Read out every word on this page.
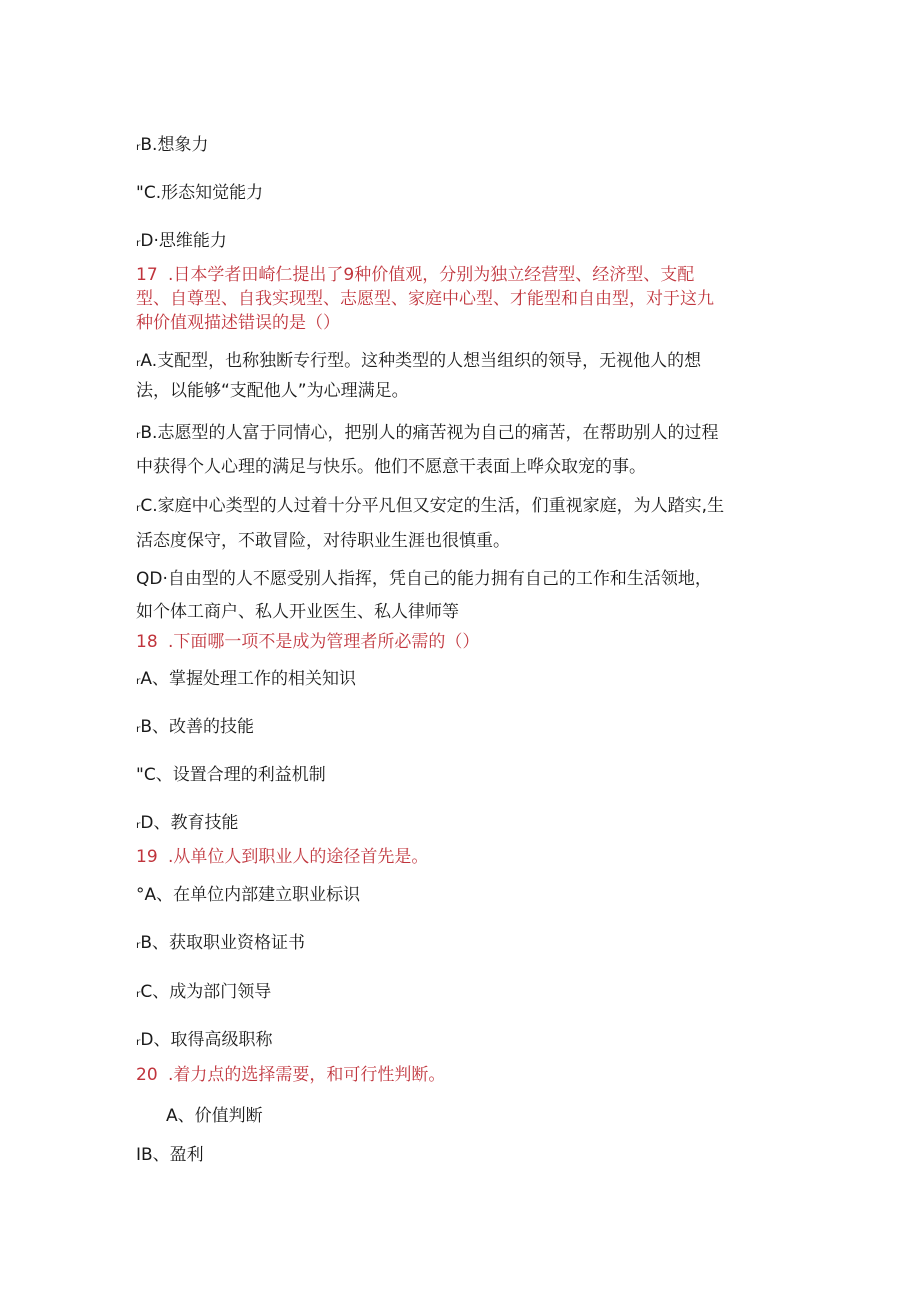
ᵣB.想象力
"C.形态知觉能力
ᵣD·思维能力
17 .日本学者田崎仁提出了9种价值观，分别为独立经营型、经济型、支配
型、自尊型、自我实现型、志愿型、家庭中心型、才能型和自由型，对于这九
种价值观描述错误的是（）
ᵣA.支配型，也称独断专行型。这种类型的人想当组织的领导，无视他人的想
法，以能够“支配他人”为心理满足。
ᵣB.志愿型的人富于同情心，把别人的痛苦视为自己的痛苦，在帮助别人的过程
中获得个人心理的满足与快乐。他们不愿意干表面上哗众取宠的事。
ᵣC.家庭中心类型的人过着十分平凡但又安定的生活，们重视家庭，为人踏实,生
活态度保守，不敢冒险，对待职业生涯也很慎重。
QD·自由型的人不愿受别人指挥，凭自己的能力拥有自己的工作和生活领地，
如个体工商户、私人开业医生、私人律师等
18 .下面哪一项不是成为管理者所必需的（）
ᵣA、掌握处理工作的相关知识
ᵣB、改善的技能
"C、设置合理的利益机制
ᵣD、教育技能
19 .从单位人到职业人的途径首先是。
°A、在单位内部建立职业标识
ᵣB、获取职业资格证书
ᵣC、成为部门领导
ᵣD、取得高级职称
20 .着力点的选择需要，和可行性判断。
A、价值判断
IB、盈利
